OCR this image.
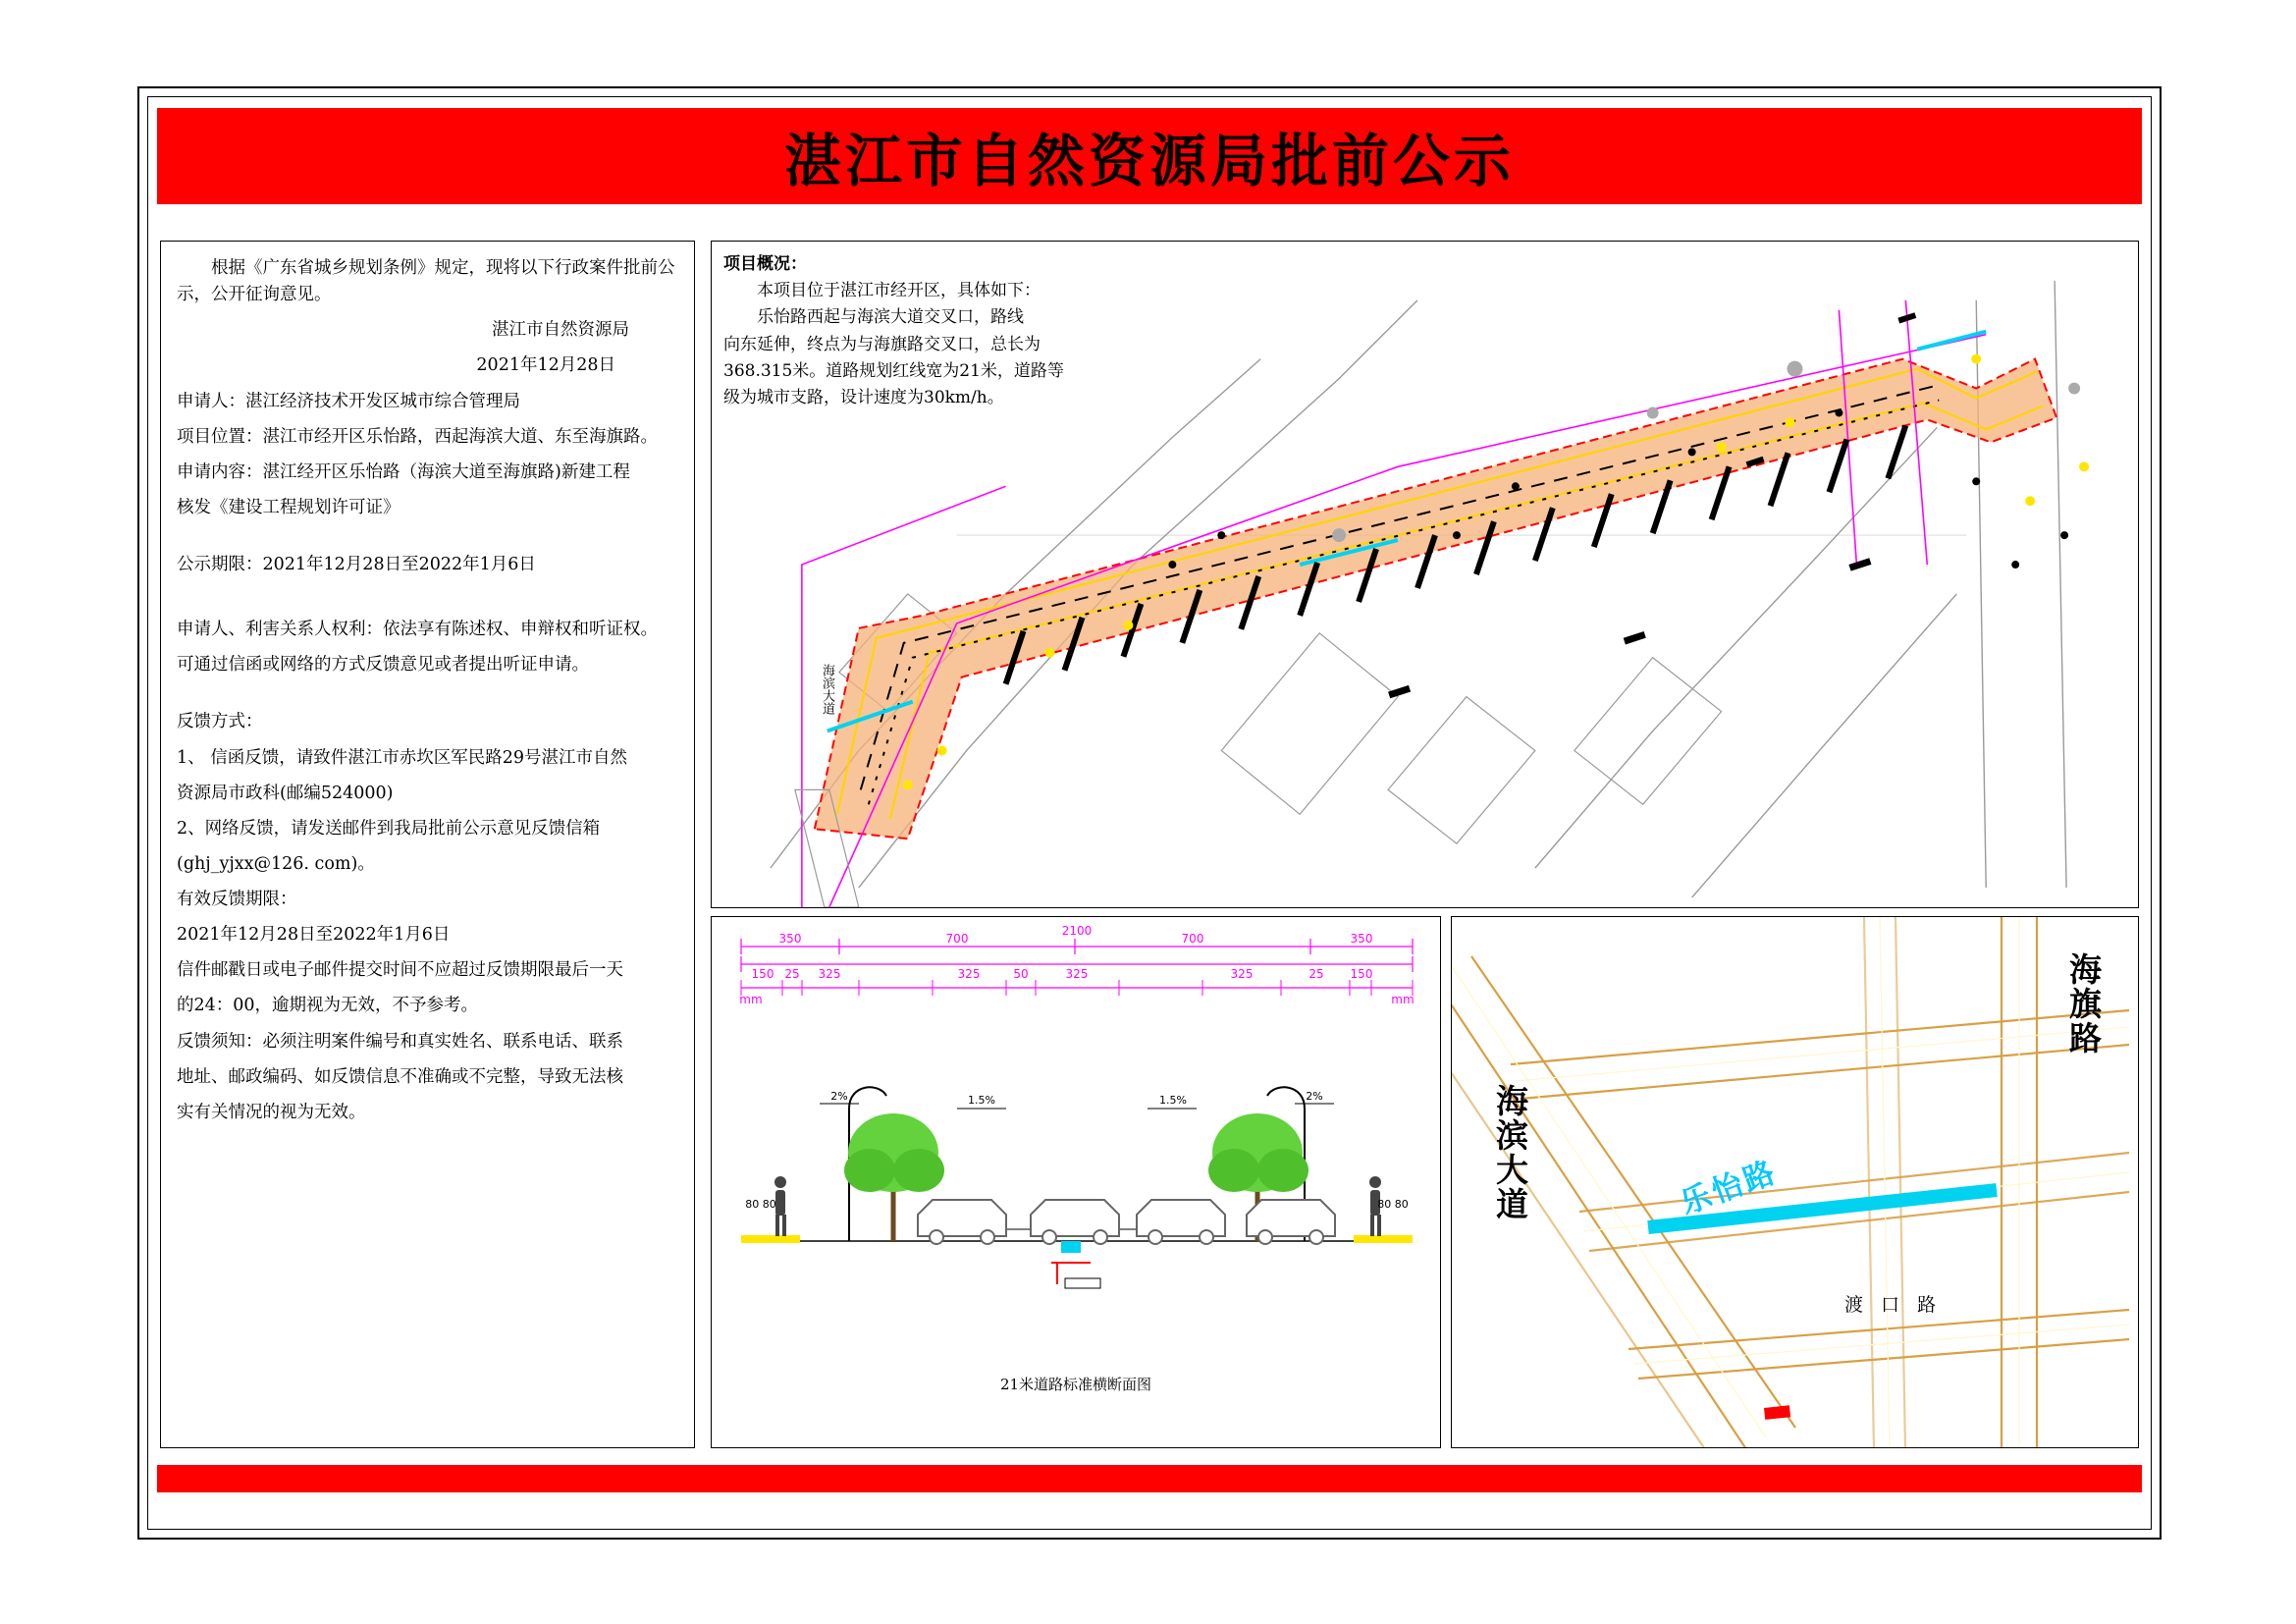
湛江市自然资源局批前公示

根据《广东省城乡规划条例》规定，现将以下行政案件批前公示，公开征询意见。

湛江市自然资源局

2021年12月28日

申请人：湛江经济技术开发区城市综合管理局

项目位置：湛江市经开区乐怡路，西起海滨大道、东至海旗路。

申请内容：湛江经开区乐怡路（海滨大道至海旗路)新建工程

核发《建设工程规划许可证》

公示期限：2021年12月28日至2022年1月6日

申请人、利害关系人权利：依法享有陈述权、申辩权和听证权。

可通过信函或网络的方式反馈意见或者提出听证申请。

反馈方式：

1、 信函反馈，请致件湛江市赤坎区军民路29号湛江市自然

资源局市政科(邮编524000)

2、网络反馈，请发送邮件到我局批前公示意见反馈信箱

(ghj_yjxx@126. com)。

有效反馈期限：

2021年12月28日至2022年1月6日

信件邮戳日或电子邮件提交时间不应超过反馈期限最后一天

的24：00，逾期视为无效，不予参考。

反馈须知：必须注明案件编号和真实姓名、联系电话、联系

地址、邮政编码、如反馈信息不准确或不完整，导致无法核

实有关情况的视为无效。

项目概况：

本项目位于湛江市经开区，具体如下：

乐怡路西起与海滨大道交叉口，路线

向东延伸，终点为与海旗路交叉口，总长为

368.315米。道路规划红线宽为21米，道路等

级为城市支路，设计速度为30km/h。

海滨大道
2100
350	700	700	350
150 25 325	325	50	325	325	25 150
mm	mm
2%	2%
1.5%	1.5%
80 80	80 80
21米道路标准横断面图
海滨大道
海旗路
乐怡路
渡 口 路
